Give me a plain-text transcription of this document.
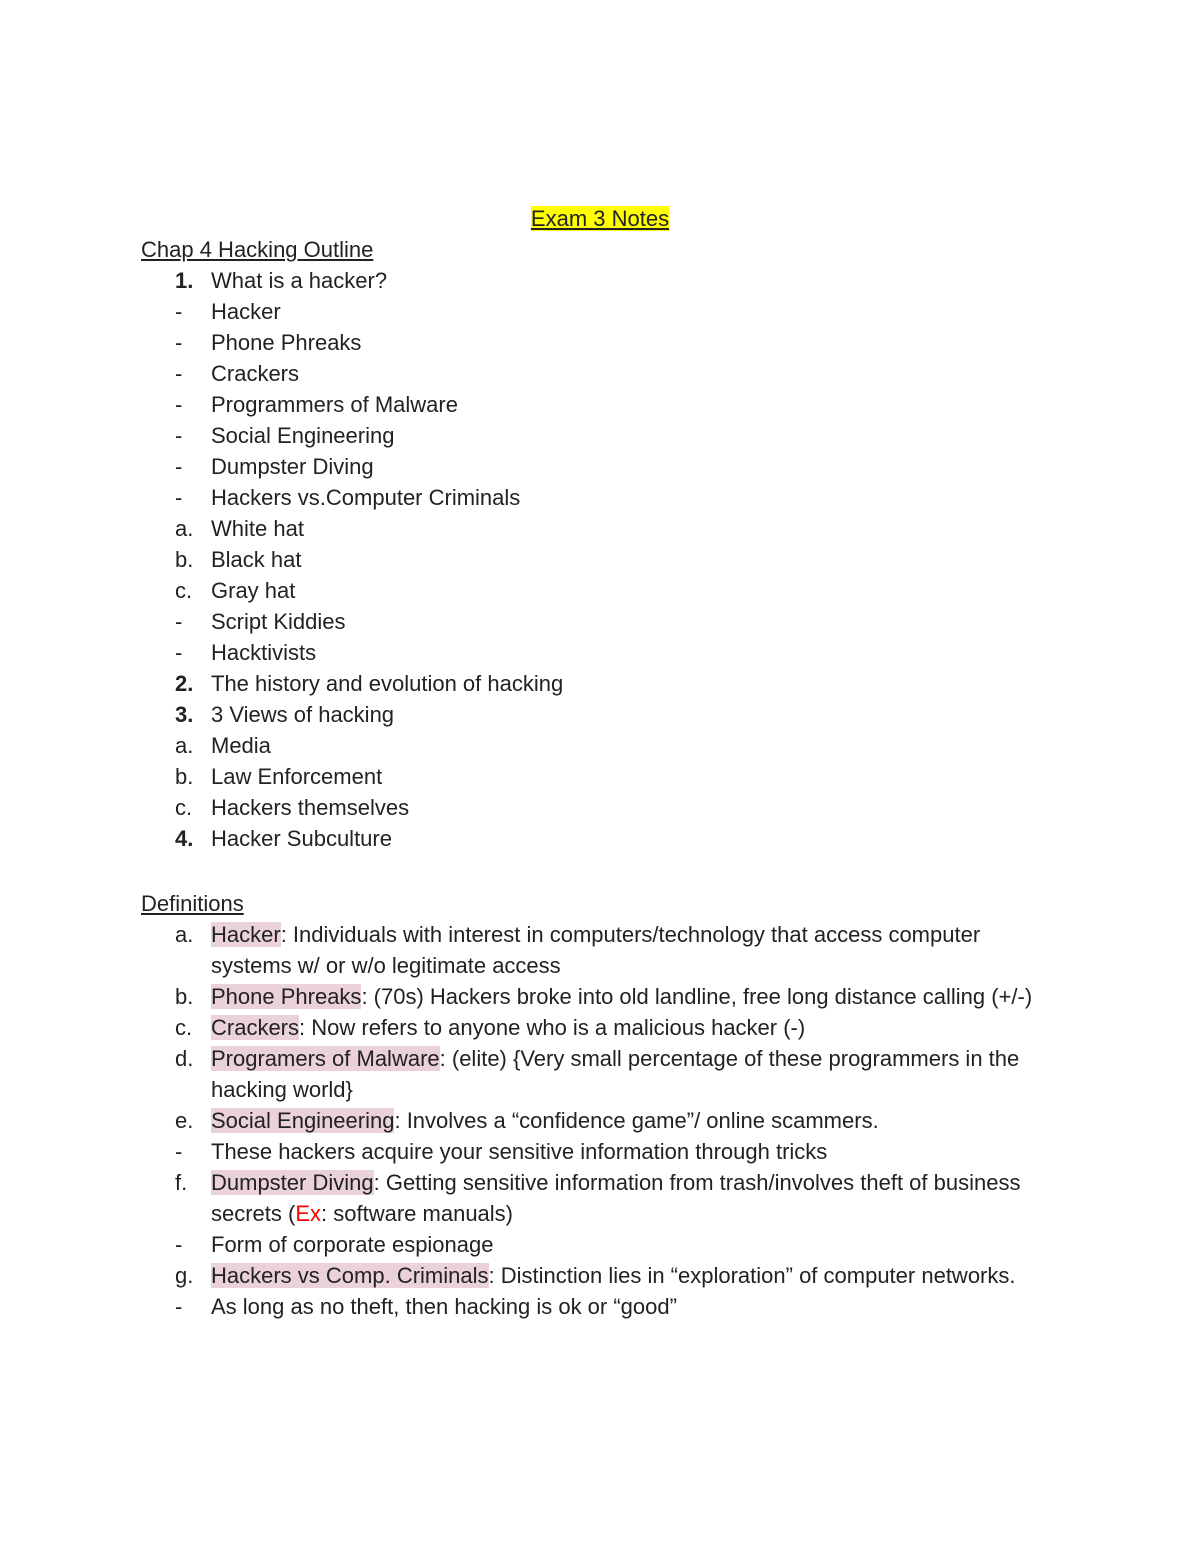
Exam 3 Notes
Chap 4 Hacking Outline
1. What is a hacker?
-	Hacker
-	Phone Phreaks
-	Crackers
-	Programmers of Malware
-	Social Engineering
-	Dumpster Diving
-	Hackers vs.Computer Criminals
a. White hat
b. Black hat
c. Gray hat
-	Script Kiddies
-	Hacktivists
2. The history and evolution of hacking
3. 3 Views of hacking
a. Media
b. Law Enforcement
c. Hackers themselves
4. Hacker Subculture
Definitions
a. Hacker: Individuals with interest in computers/technology that access computer systems w/ or w/o legitimate access
b. Phone Phreaks: (70s) Hackers broke into old landline, free long distance calling (+/-)
c. Crackers: Now refers to anyone who is a malicious hacker (-)
d. Programers of Malware: (elite) {Very small percentage of these programmers in the hacking world}
e. Social Engineering: Involves a “confidence game”/ online scammers.
-	These hackers acquire your sensitive information through tricks
f.	Dumpster Diving: Getting sensitive information from trash/involves theft of business secrets (Ex: software manuals)
-	Form of corporate espionage
g. Hackers vs Comp. Criminals: Distinction lies in “exploration” of computer networks.
-	As long as no theft, then hacking is ok or “good”
